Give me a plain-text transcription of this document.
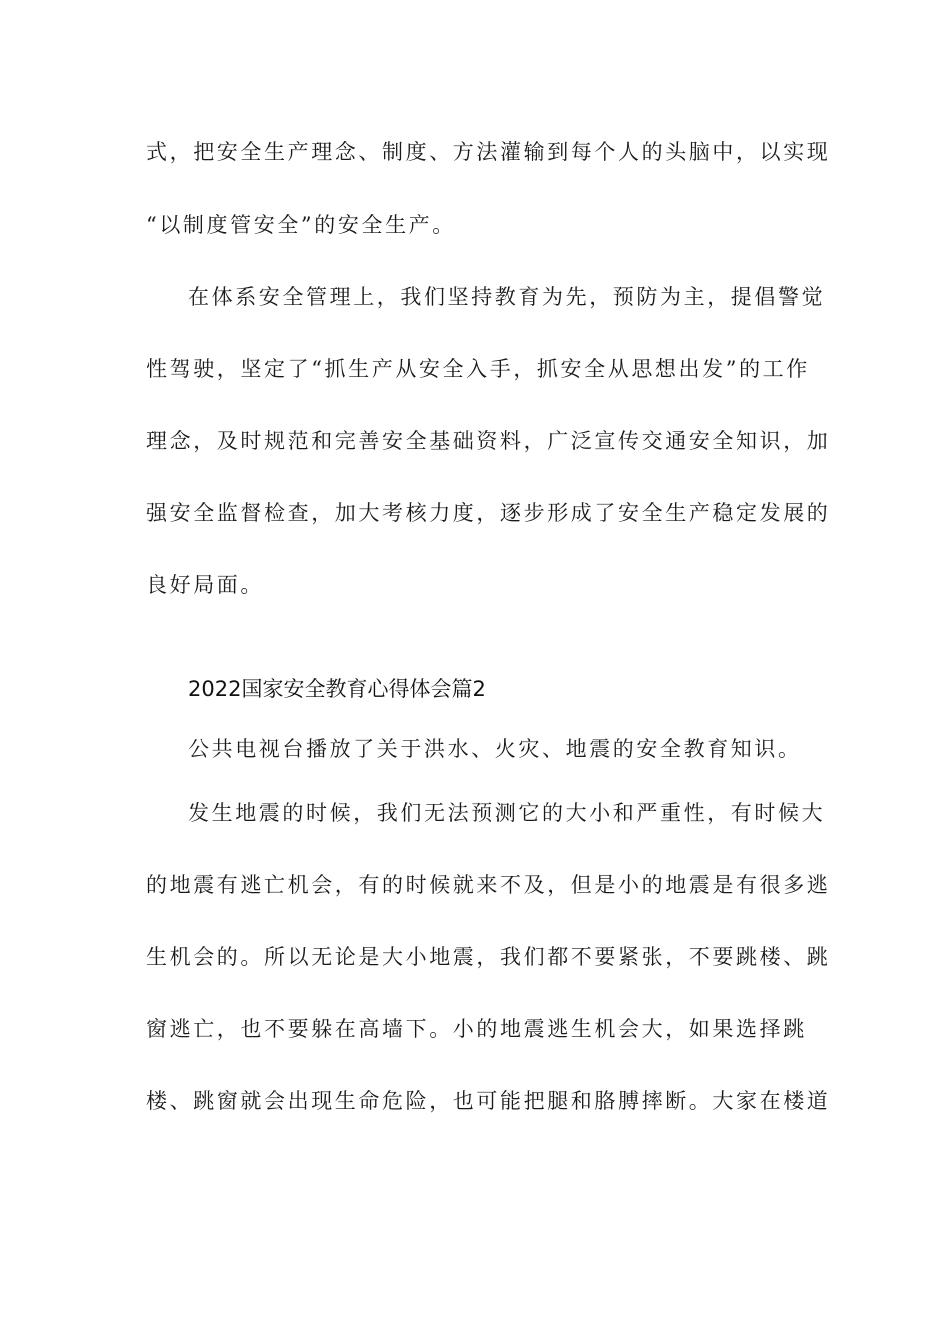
式，把安全生产理念、制度、方法灌输到每个人的头脑中，以实现
“以制度管安全”的安全生产。
在体系安全管理上，我们坚持教育为先，预防为主，提倡警觉
性驾驶，坚定了“抓生产从安全入手，抓安全从思想出发”的工作
理念，及时规范和完善安全基础资料，广泛宣传交通安全知识，加
强安全监督检查，加大考核力度，逐步形成了安全生产稳定发展的
良好局面。
2022国家安全教育心得体会篇2
公共电视台播放了关于洪水、火灾、地震的安全教育知识。
发生地震的时候，我们无法预测它的大小和严重性，有时候大
的地震有逃亡机会，有的时候就来不及，但是小的地震是有很多逃
生机会的。所以无论是大小地震，我们都不要紧张，不要跳楼、跳
窗逃亡，也不要躲在高墙下。小的地震逃生机会大，如果选择跳
楼、跳窗就会出现生命危险，也可能把腿和胳膊摔断。大家在楼道
